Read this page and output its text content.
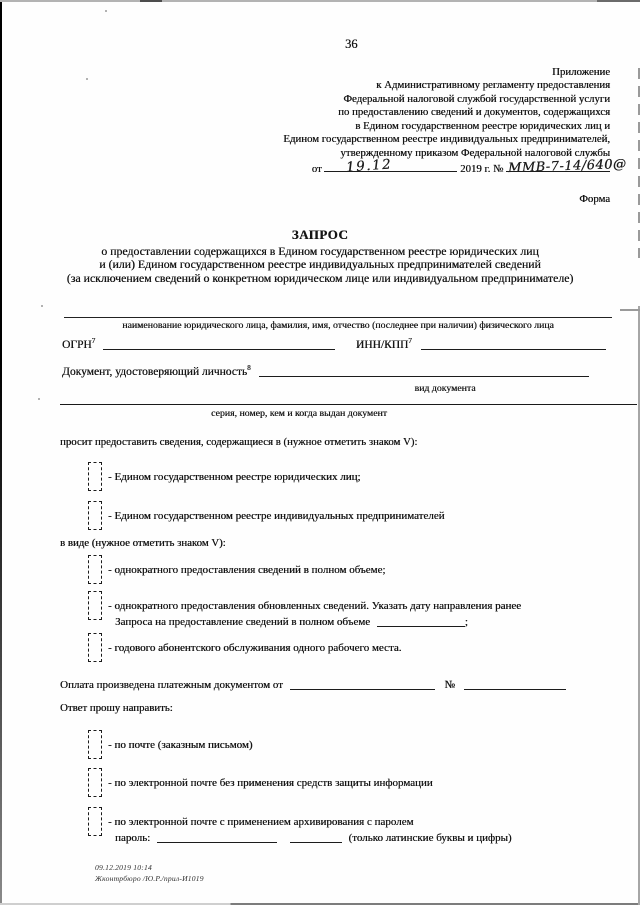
36
Приложение
к Административному регламенту предоставления
Федеральной налоговой службой государственной услуги
по предоставлению сведений и документов, содержащихся
в Едином государственном реестре юридических лиц и
Едином государственном реестре индивидуальных предпринимателей,
утвержденному приказом Федеральной налоговой службы
от 19.12	2019 г. № ММВ-7-14/640@
Форма
ЗАПРОС
о предоставлении содержащихся в Едином государственном реестре юридических лиц
и (или) Едином государственном реестре индивидуальных предпринимателей сведений
(за исключением сведений о конкретном юридическом лице или индивидуальном предпринимателе)
наименование юридического лица, фамилия, имя, отчество (последнее при наличии) физического лица
ОГРН$^7$	ИНН/КПП$^7$
Документ, удостоверяющий личность$^8$
вид документа
серия, номер, кем и когда выдан документ
просит предоставить сведения, содержащиеся в (нужное отметить знаком V):
- Едином государственном реестре юридических лиц;
- Едином государственном реестре индивидуальных предпринимателей
в виде (нужное отметить знаком V):
- однократного предоставления сведений в полном объеме;
- однократного предоставления обновленных сведений. Указать дату направления ранее
Запроса на предоставление сведений в полном объеме	;
- годового абонентского обслуживания одного рабочего места.
Оплата произведена платежным документом от	№
Ответ прошу направить:
- по почте (заказным письмом)
- по электронной почте без применения средств защиты информации
- по электронной почте с применением архивирования с паролем
пароль:	(только латинские буквы и цифры)
09.12.2019 10:14
Жконтрбюро /Ю.Р./прил-И1019
